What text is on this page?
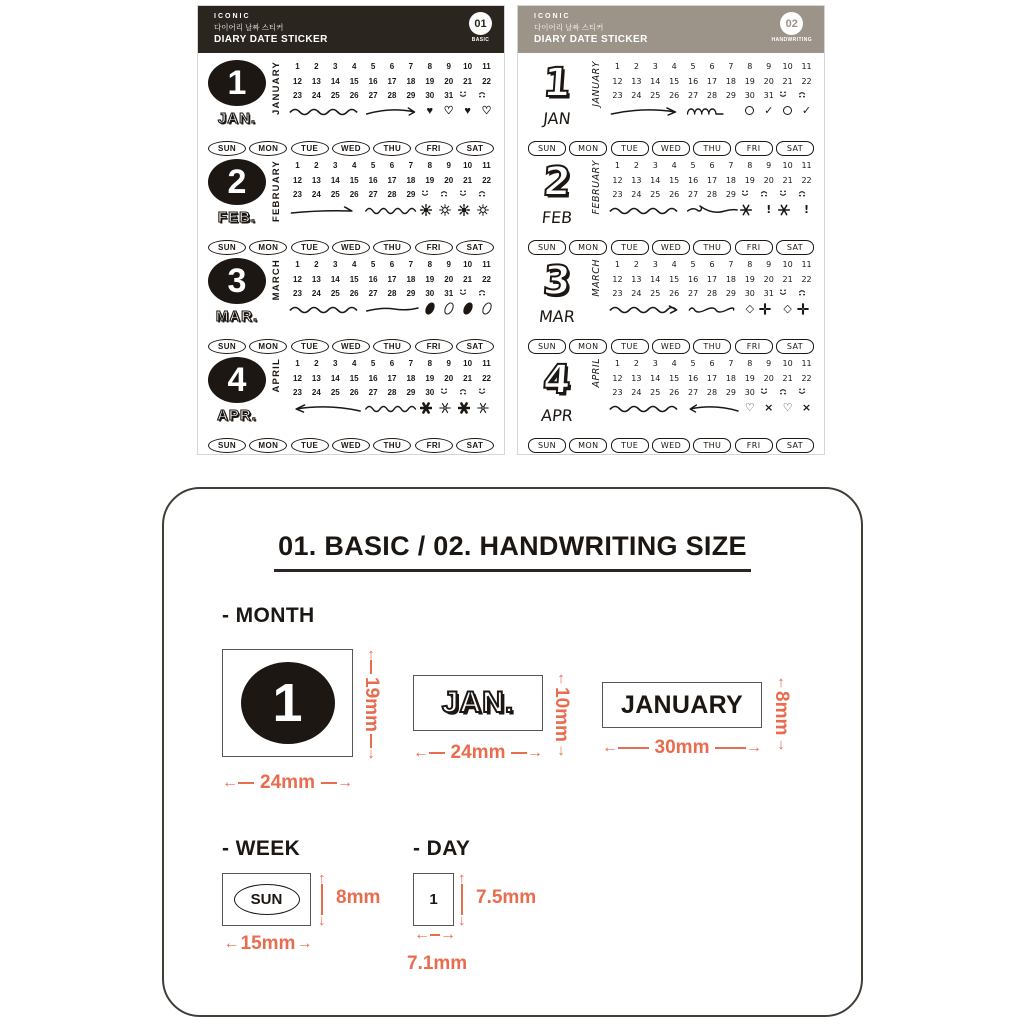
ICONIC
다이어리 날짜 스티커
DIARY DATE STICKER
01
BASIC
1
JAN.
JANUARY	1	2	3	4	5	6	7	8	9	10	11
12	13	14	15	16	17	18	19	20	21	22
23	24	25	26	27	28	29	30	31
♥ ♡ ♥ ♡
SUN	MON	TUE	WED	THU	FRI	SAT
2
FEB.	FEBRUARY	1	2	3	4	5	6	7	8	9	10	11
12	13	14	15	16	17	18	19	20	21	22
23	24	25	26	27	28	29
SUN	MON	TUE	WED	THU	FRI	SAT
3
MAR.
MARCH	1	2	3	4	5	6	7	8	9	10	11
12	13	14	15	16	17	18	19	20	21	22
23	24	25	26	27	28	29	30	31
SUN	MON	TUE	WED	THU	FRI	SAT
4
APR.
APRIL	1	2	3	4	5	6	7	8	9	10	11
12	13	14	15	16	17	18	19	20	21	22
23	24	25	26	27	28	29	30
SUN	MON	TUE	WED	THU	FRI	SAT
ICONIC
다이어리 날짜 스티커
DIARY DATE STICKER
02
HANDWRITING
1
JAN
JANUARY	1	2	3	4	5	6	7	8	9	10	11
12	13	14	15	16	17	18	19	20	21	22
23	24	25	26	27	28	29	30	31
✓	✓
SUN	MON	TUE	WED	THU	FRI	SAT
2
FEB
FEBRUARY	1	2	3	4	5	6	7	8	9	10	11
12	13	14	15	16	17	18	19	20	21	22
23	24	25	26	27	28	29
!	!
SUN	MON	TUE	WED	THU	FRI	SAT
3
MAR
MARCH	1	2	3	4	5	6	7	8	9	10	11
12	13	14	15	16	17	18	19	20	21	22
23	24	25	26	27	28	29	30	31
◇	◇
SUN	MON	TUE	WED	THU	FRI	SAT
4
APR
APRIL	1	2	3	4	5	6	7	8	9	10	11
12	13	14	15	16	17	18	19	20	21	22
23	24	25	26	27	28	29	30
♡ × ♡ ×
SUN	MON	TUE	WED	THU	FRI	SAT
01. BASIC / 02. HANDWRITING SIZE
- MONTH
1
↑
19mm
↓
←	24mm	→
JAN.
↑
10mm
↓
←	24mm	→
JANUARY
↑
8mm
↓
←	30mm	→
- WEEK
SUN
↑
↓
8mm
← 15mm →
- DAY
1
↑
↓
7.5mm
← →
7.1mm
